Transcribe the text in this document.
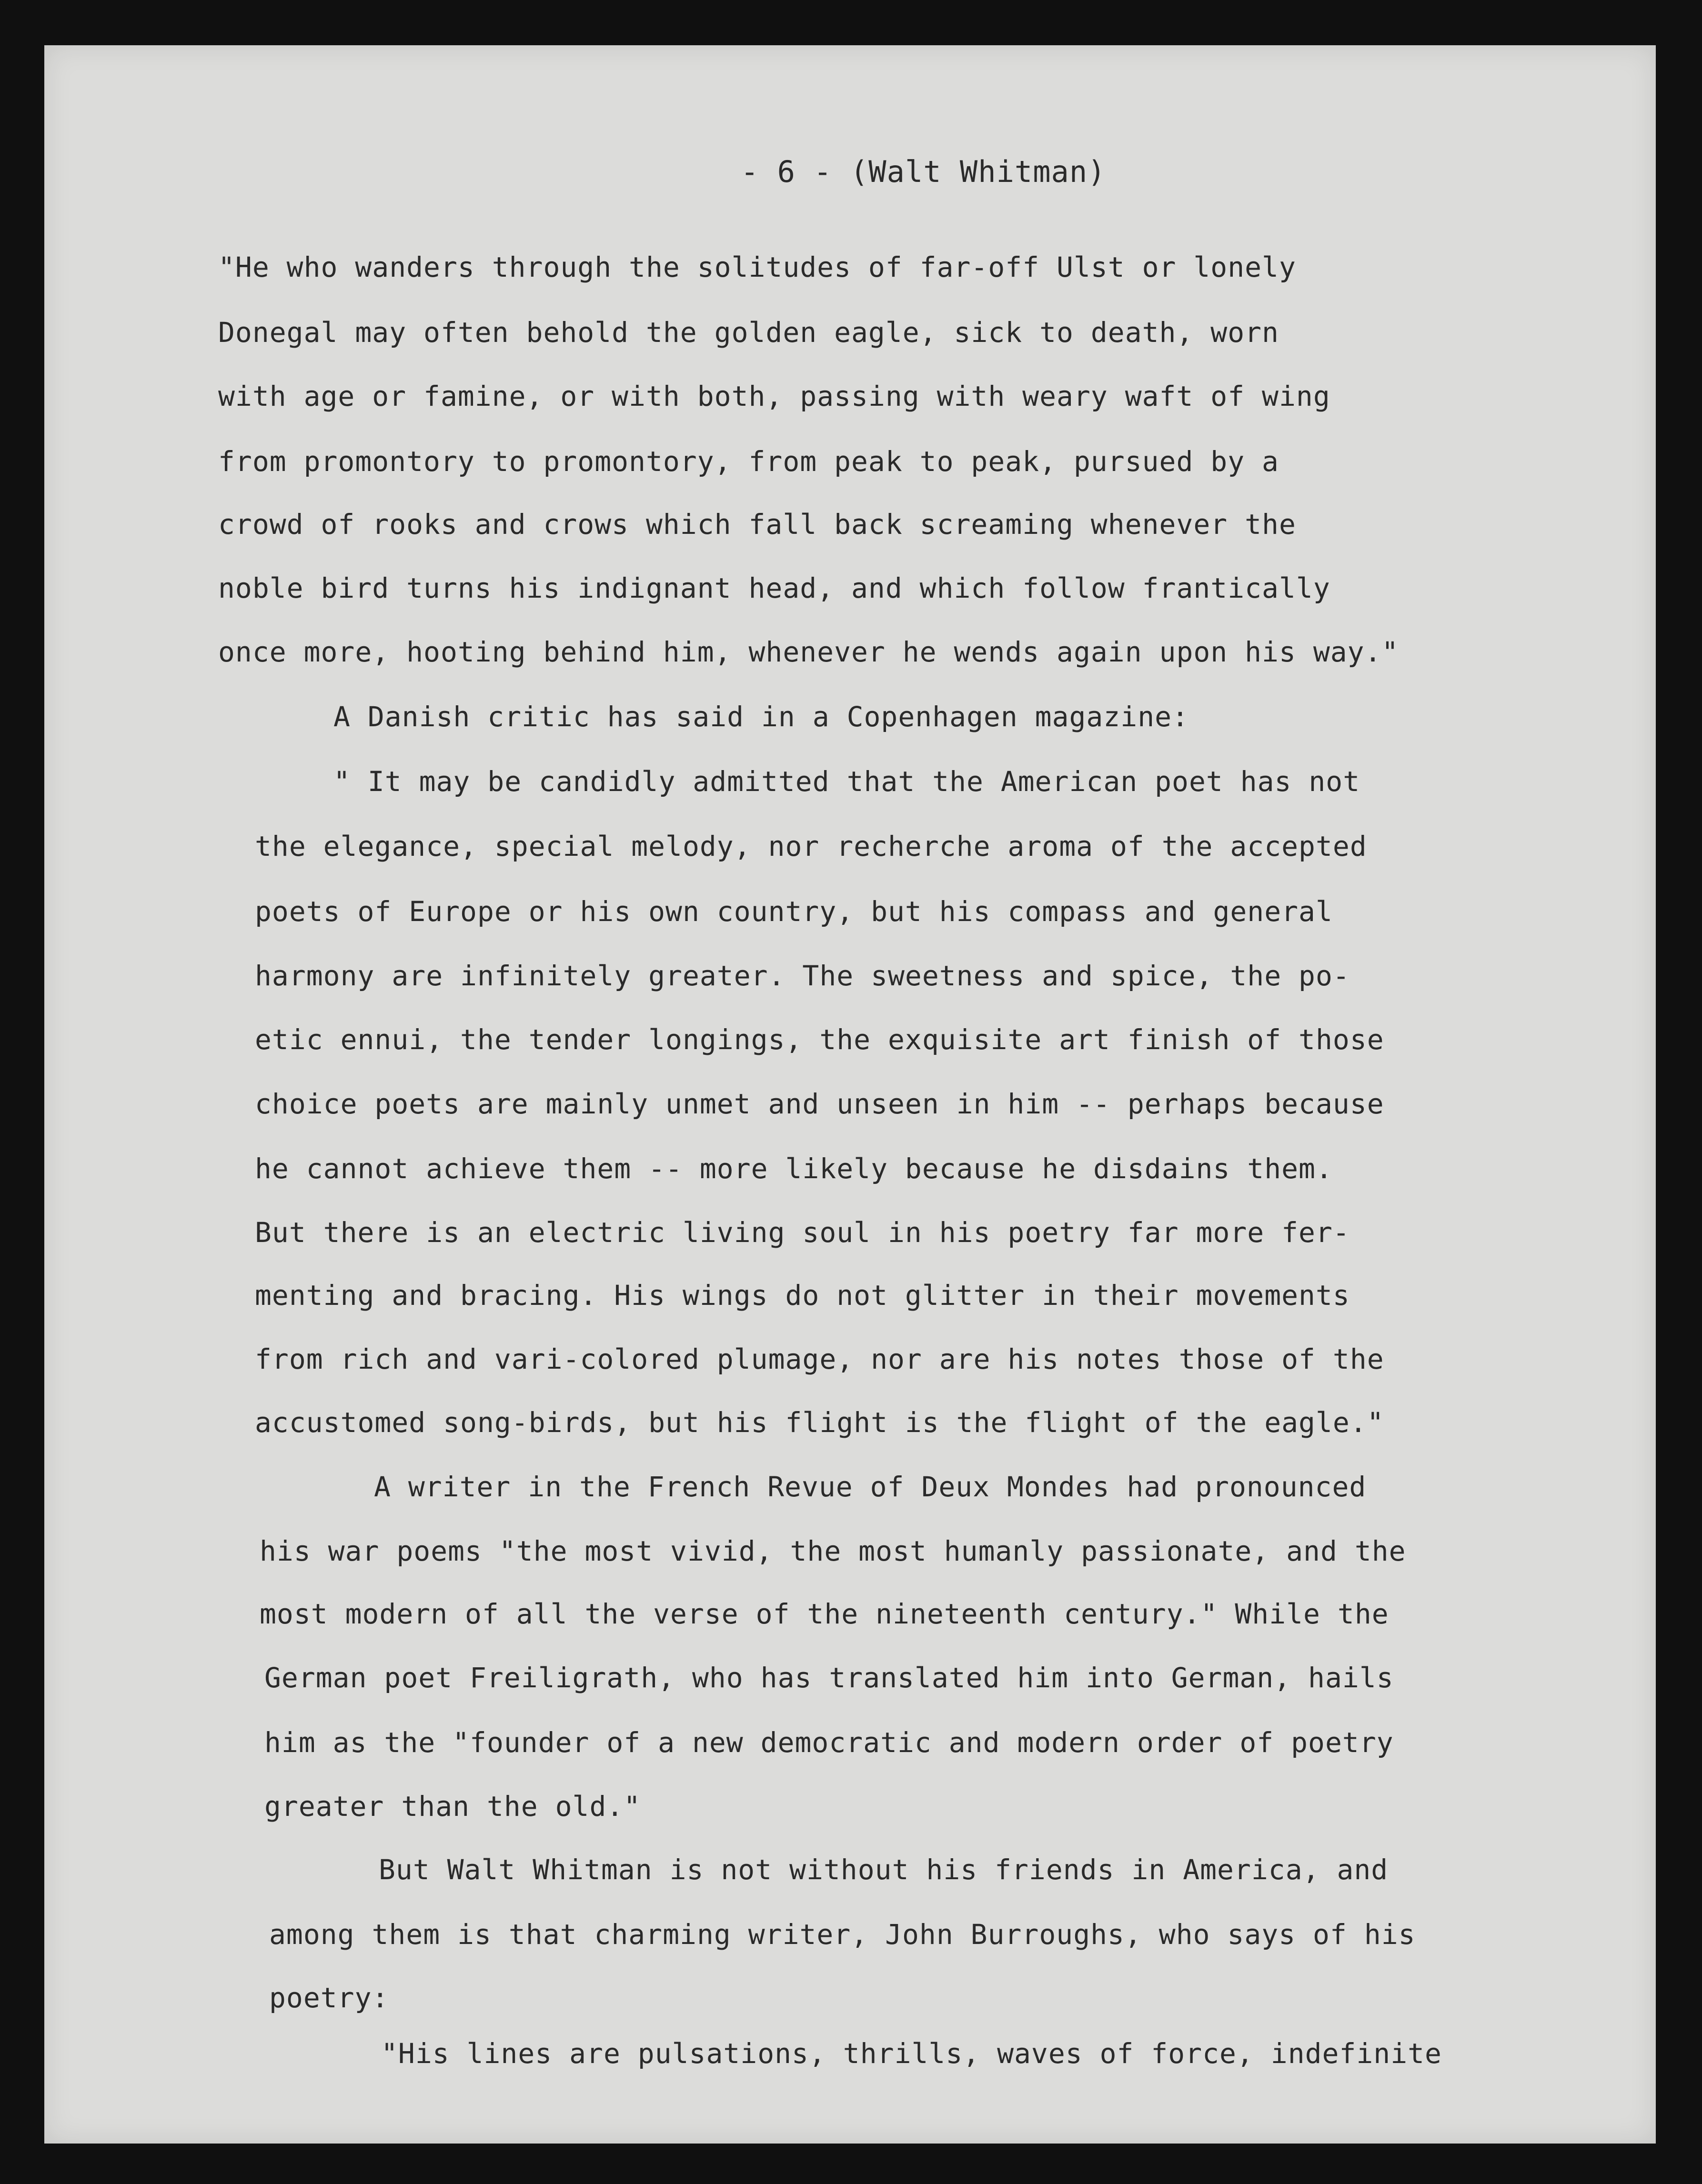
- 6 - (Walt Whitman)
"He who wanders through the solitudes of far-off Ulst or lonely
Donegal may often behold the golden eagle, sick to death, worn
with age or famine, or with both, passing with weary waft of wing
from promontory to promontory, from peak to peak, pursued by a
crowd of rooks and crows which fall back screaming whenever the
noble bird turns his indignant head, and which follow frantically
once more, hooting behind him, whenever he wends again upon his way."
A Danish critic has said in a Copenhagen magazine:
" It may be candidly admitted that the American poet has not
the elegance, special melody, nor recherche aroma of the accepted
poets of Europe or his own country, but his compass and general
harmony are infinitely greater. The sweetness and spice, the po-
etic ennui, the tender longings, the exquisite art finish of those
choice poets are mainly unmet and unseen in him -- perhaps because
he cannot achieve them -- more likely because he disdains them.
But there is an electric living soul in his poetry far more fer-
menting and bracing. His wings do not glitter in their movements
from rich and vari-colored plumage, nor are his notes those of the
accustomed song-birds, but his flight is the flight of the eagle."
A writer in the French Revue of Deux Mondes had pronounced
his war poems "the most vivid, the most humanly passionate, and the
most modern of all the verse of the nineteenth century." While the
German poet Freiligrath, who has translated him into German, hails
him as the "founder of a new democratic and modern order of poetry
greater than the old."
But Walt Whitman is not without his friends in America, and
among them is that charming writer, John Burroughs, who says of his
poetry:
"His lines are pulsations, thrills, waves of force, indefinite
